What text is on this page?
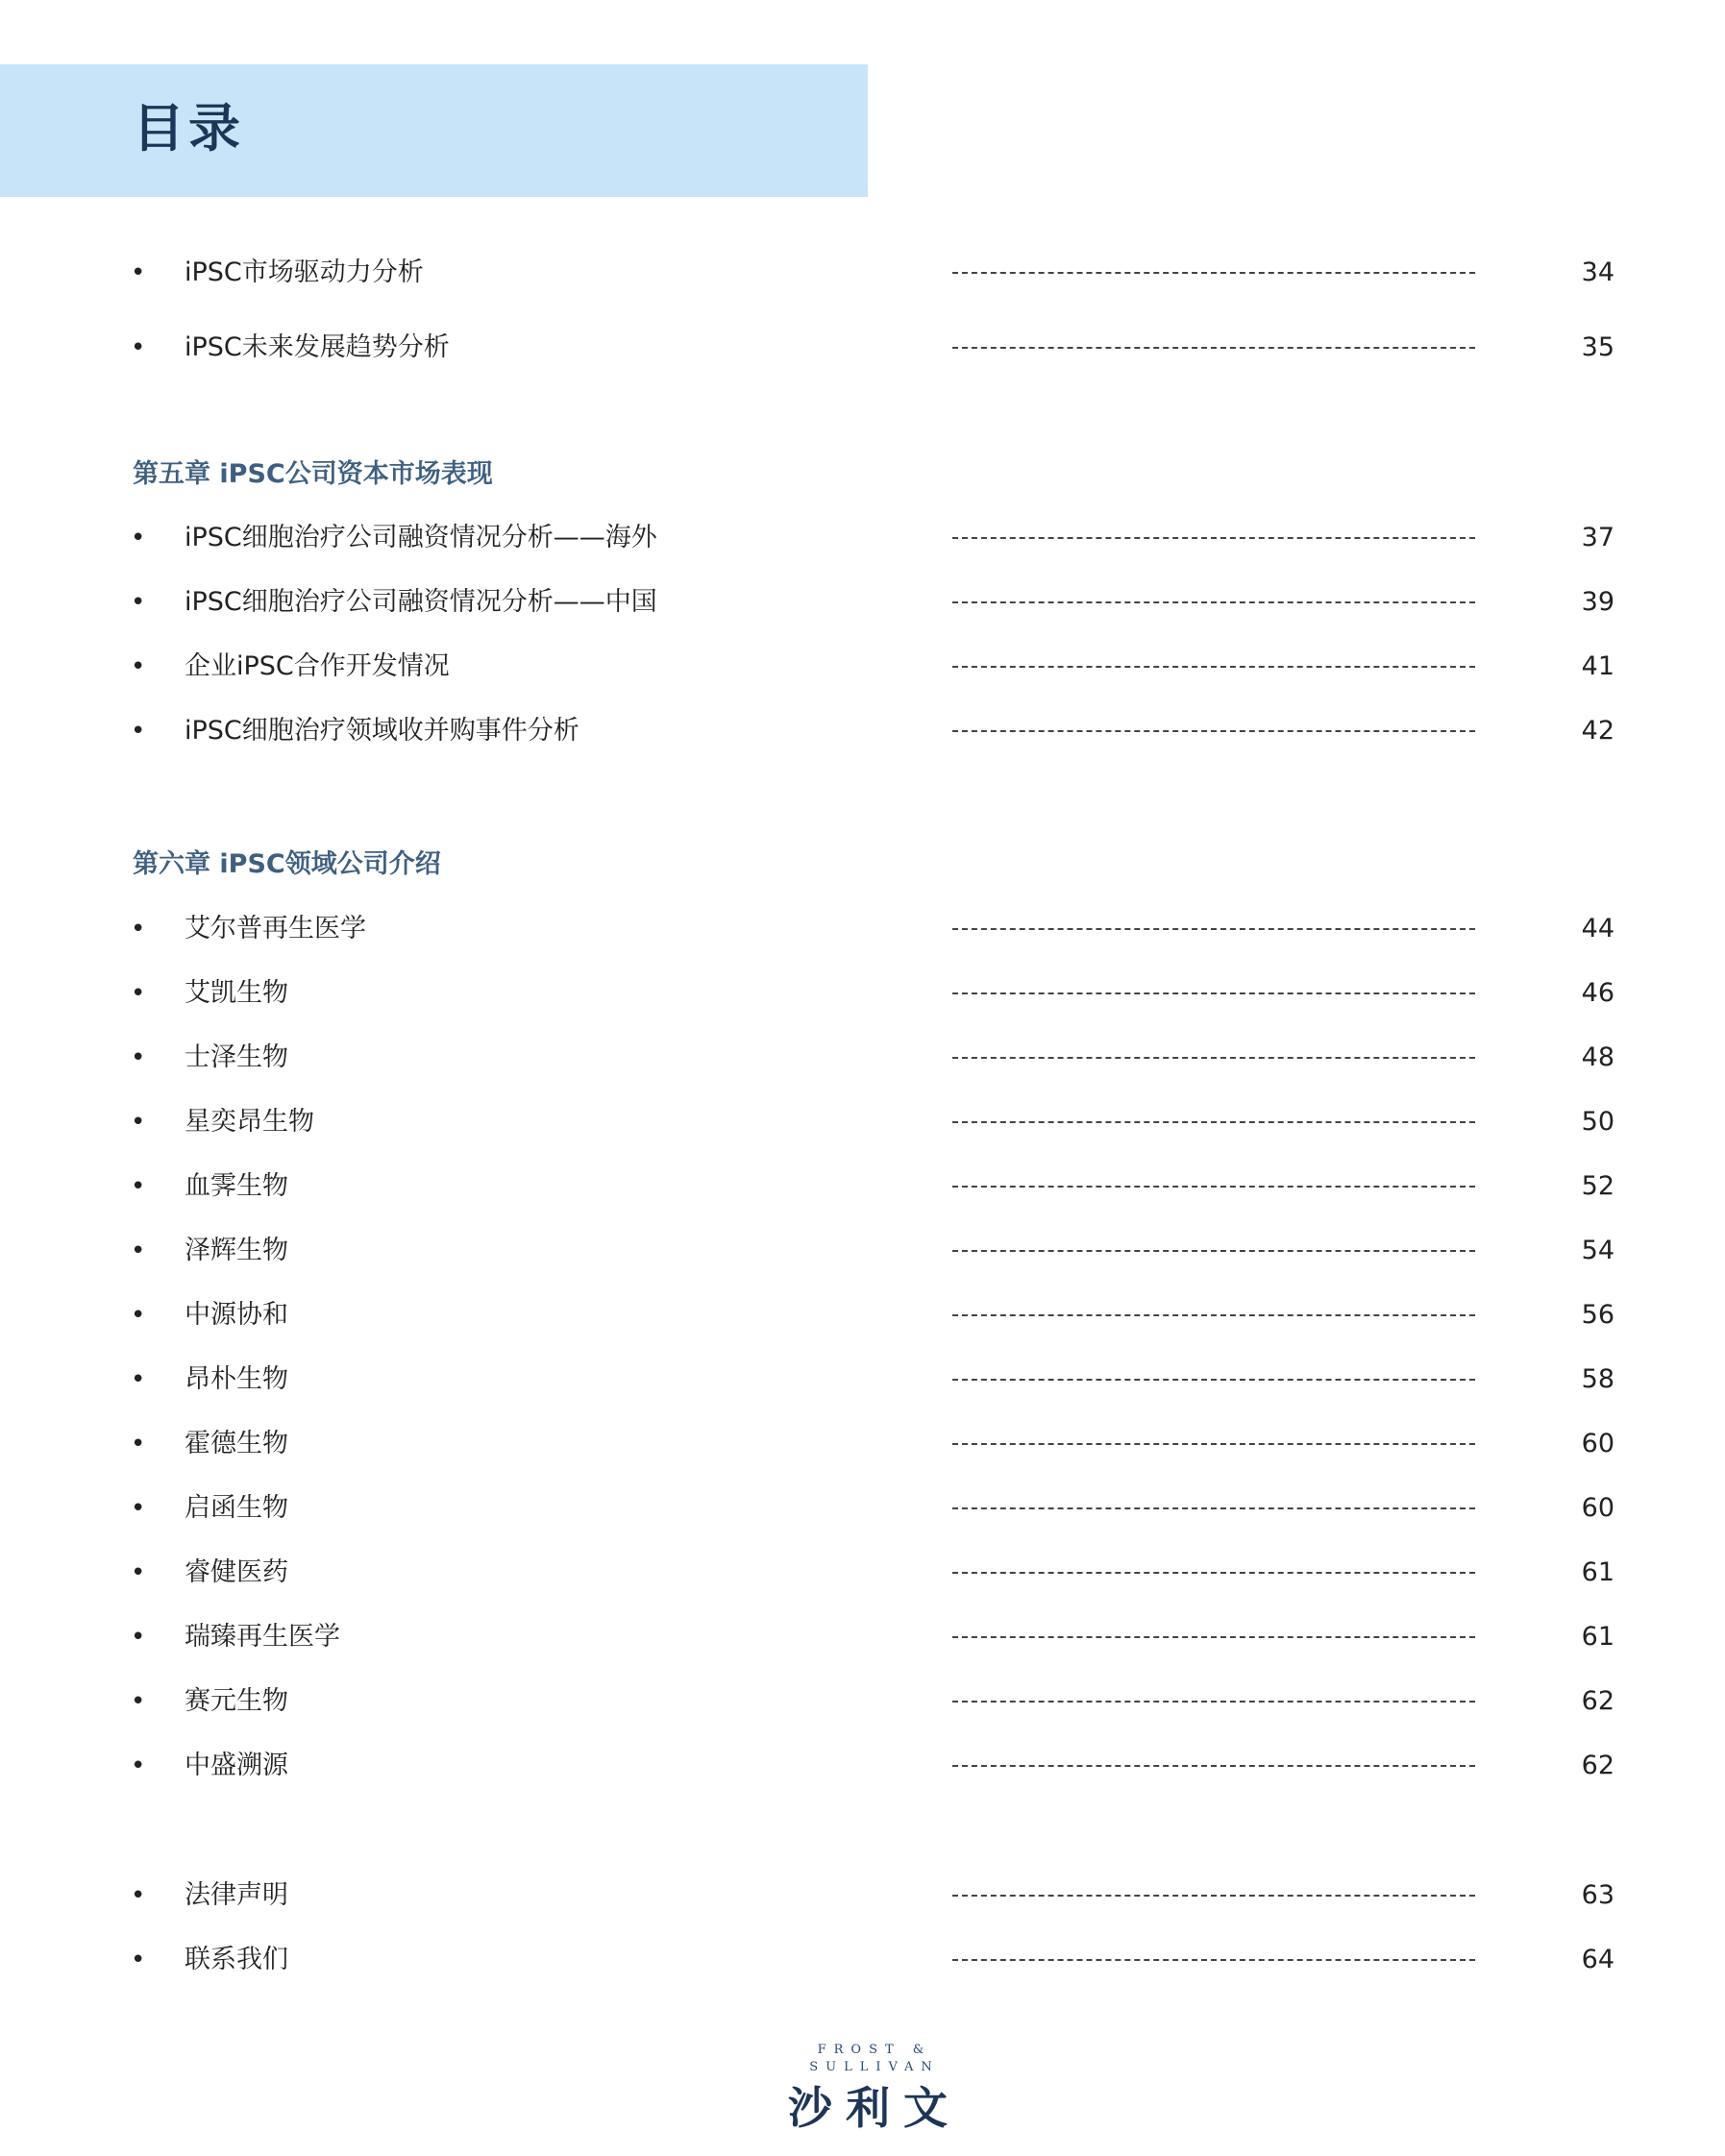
目录
• iPSC市场驱动力分析	34
• iPSC未来发展趋势分析	35
第五章 iPSC公司资本市场表现
• iPSC细胞治疗公司融资情况分析——海外	37
• iPSC细胞治疗公司融资情况分析——中国	39
• 企业iPSC合作开发情况	41
• iPSC细胞治疗领域收并购事件分析	42
第六章 iPSC领域公司介绍
• 艾尔普再生医学	44
• 艾凯生物	46
• 士泽生物	48
• 星奕昂生物	50
• 血霁生物	52
• 泽辉生物	54
• 中源协和	56
• 昂朴生物	58
• 霍德生物	60
• 启函生物	60
• 睿健医药	61
• 瑞臻再生医学	61
• 赛元生物	62
• 中盛溯源	62
• 法律声明	63
• 联系我们	64
FROST & SULLIVAN
沙利文
